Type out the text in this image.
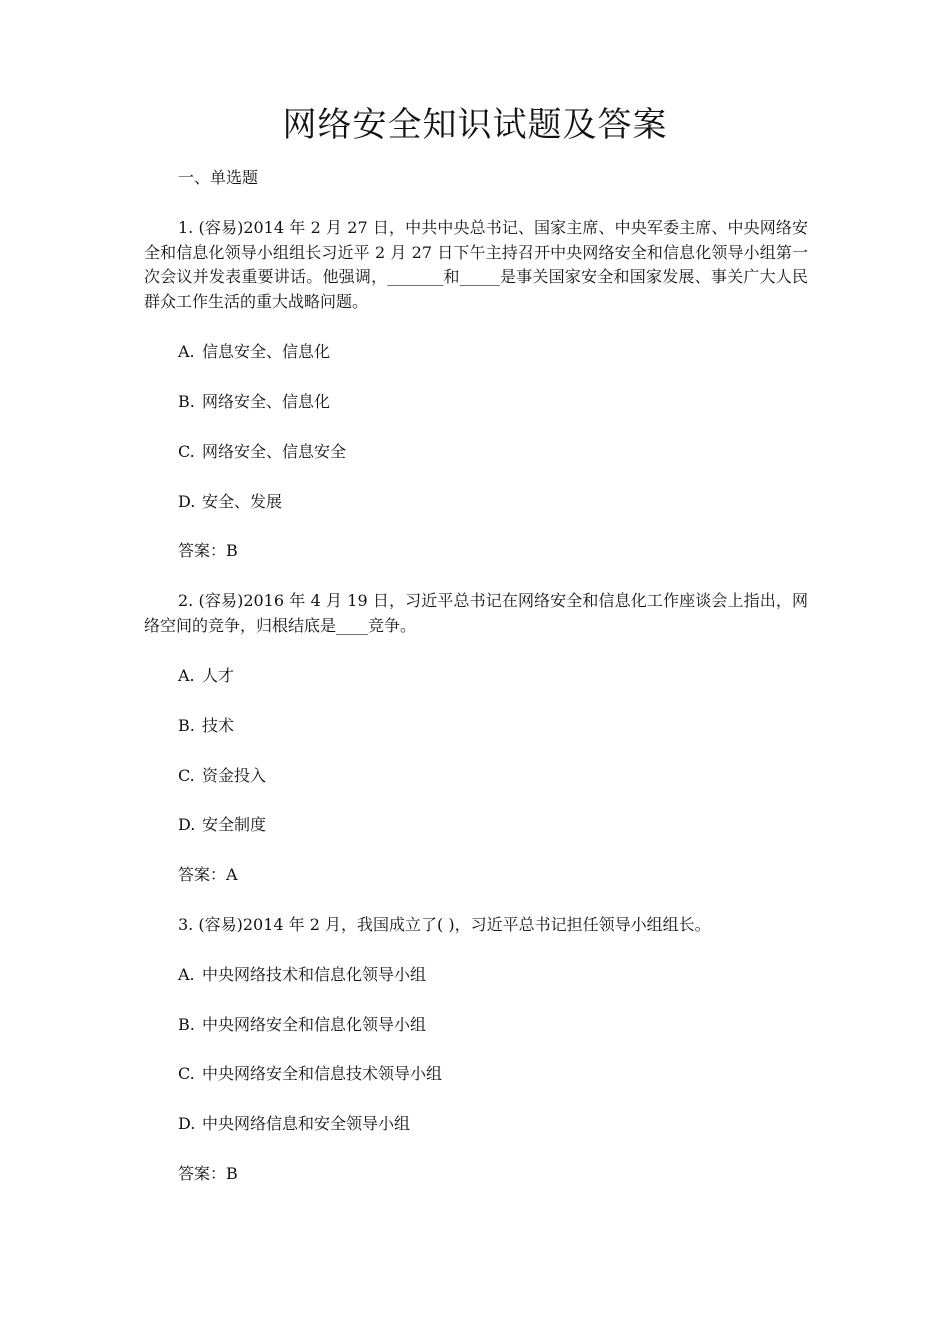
网络安全知识试题及答案

一、单选题

1. (容易)2014 年 2 月 27 日，中共中央总书记、国家主席、中央军委主席、中央网络安全和信息化领导小组组长习近平 2 月 27 日下午主持召开中央网络安全和信息化领导小组第一次会议并发表重要讲话。他强调，_______和_____是事关国家安全和国家发展、事关广大人民群众工作生活的重大战略问题。

A. 信息安全、信息化

B. 网络安全、信息化

C. 网络安全、信息安全

D. 安全、发展

答案：B

2. (容易)2016 年 4 月 19 日，习近平总书记在网络安全和信息化工作座谈会上指出，网络空间的竞争，归根结底是____竞争。

A. 人才

B. 技术

C. 资金投入

D. 安全制度

答案：A

3. (容易)2014 年 2 月，我国成立了( )，习近平总书记担任领导小组组长。

A. 中央网络技术和信息化领导小组

B. 中央网络安全和信息化领导小组

C. 中央网络安全和信息技术领导小组

D. 中央网络信息和安全领导小组

答案：B
